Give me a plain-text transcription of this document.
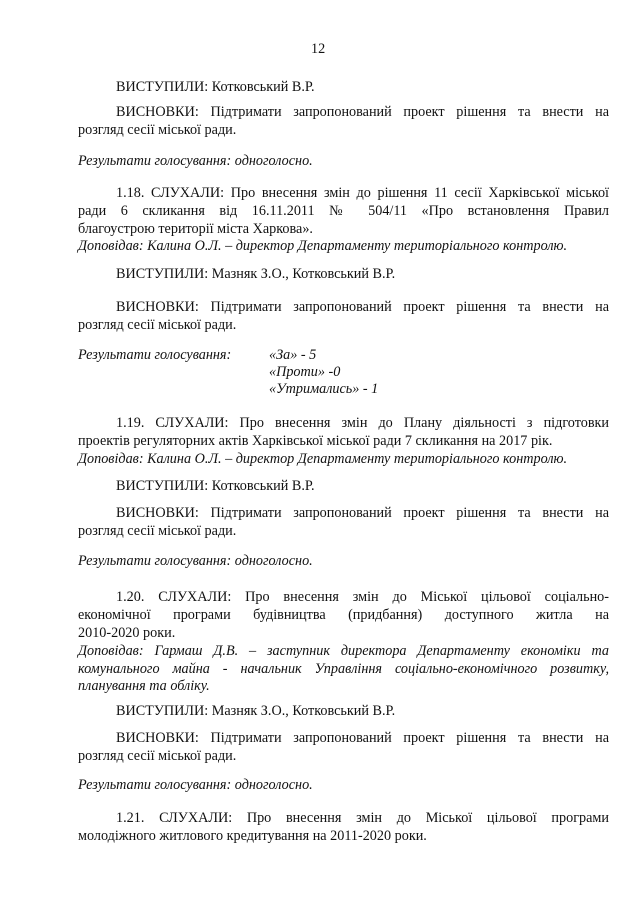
12
ВИСТУПИЛИ: Котковський В.Р.
ВИСНОВКИ: Підтримати запропонований проект рішення та внести на
розгляд сесії міської ради.
Результати голосування: одноголосно.
1.18. СЛУХАЛИ: Про внесення змін до рішення 11 сесії Харківської міської
ради 6 скликання від 16.11.2011 № 504/11 «Про встановлення Правил
благоустрою території міста Харкова».
Доповідав: Калина О.Л. – директор Департаменту територіального контролю.
ВИСТУПИЛИ: Мазняк З.О., Котковський В.Р.
ВИСНОВКИ: Підтримати запропонований проект рішення та внести на
розгляд сесії міської ради.
Результати голосування:	«За» - 5
«Проти» -0
«Утримались» - 1
1.19. СЛУХАЛИ: Про внесення змін до Плану діяльності з підготовки
проектів регуляторних актів Харківської міської ради 7 скликання на 2017 рік.
Доповідав: Калина О.Л. – директор Департаменту територіального контролю.
ВИСТУПИЛИ: Котковський В.Р.
ВИСНОВКИ: Підтримати запропонований проект рішення та внести на
розгляд сесії міської ради.
Результати голосування: одноголосно.
1.20. СЛУХАЛИ: Про внесення змін до Міської цільової соціально-
економічної програми будівництва (придбання) доступного житла на
2010-2020 роки.
Доповідав: Гармаш Д.В. – заступник директора Департаменту економіки та
комунального майна - начальник Управління соціально-економічного розвитку,
планування та обліку.
ВИСТУПИЛИ: Мазняк З.О., Котковський В.Р.
ВИСНОВКИ: Підтримати запропонований проект рішення та внести на
розгляд сесії міської ради.
Результати голосування: одноголосно.
1.21. СЛУХАЛИ: Про внесення змін до Міської цільової програми
молодіжного житлового кредитування на 2011-2020 роки.
